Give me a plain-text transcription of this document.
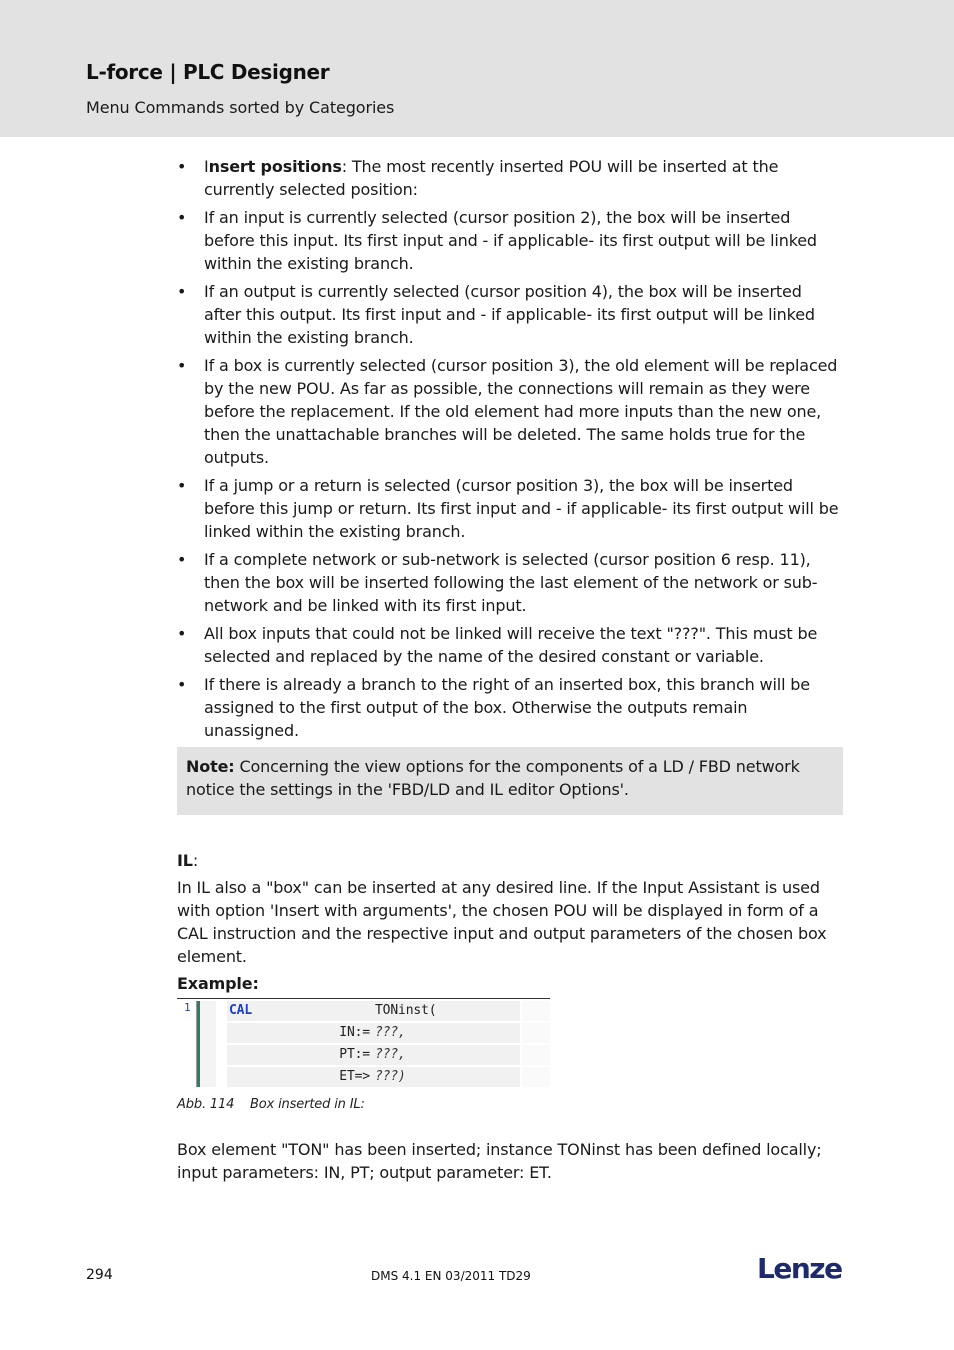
L-force | PLC Designer
Menu Commands sorted by Categories
• Insert positions: The most recently inserted POU will be inserted at the currently selected position:
• If an input is currently selected (cursor position 2), the box will be inserted before this input. Its first input and - if applicable- its first output will be linked within the existing branch.
• If an output is currently selected (cursor position 4), the box will be inserted after this output. Its first input and - if applicable- its first output will be linked within the existing branch.
• If a box is currently selected (cursor position 3), the old element will be replaced by the new POU. As far as possible, the connections will remain as they were before the replacement. If the old element had more inputs than the new one, then the unattachable branches will be deleted. The same holds true for the outputs.
• If a jump or a return is selected (cursor position 3), the box will be inserted before this jump or return. Its first input and - if applicable- its first output will be linked within the existing branch.
• If a complete network or sub-network is selected (cursor position 6 resp. 11), then the box will be inserted following the last element of the network or sub-network and be linked with its first input.
• All box inputs that could not be linked will receive the text "???". This must be selected and replaced by the name of the desired constant or variable.
• If there is already a branch to the right of an inserted box, this branch will be assigned to the first output of the box. Otherwise the outputs remain unassigned.
Note: Concerning the view options for the components of a LD / FBD network notice the settings in the 'FBD/LD and IL editor Options'.
IL:
In IL also a "box" can be inserted at any desired line. If the Input Assistant is used with option 'Insert with arguments', the chosen POU will be displayed in form of a CAL instruction and the respective input and output parameters of the chosen box element.
Example:
1	CAL	TONinst(
IN:= ???,
PT:= ???,
ET=> ???)
Abb. 114 Box inserted in IL:
Box element "TON" has been inserted; instance TONinst has been defined locally; input parameters: IN, PT; output parameter: ET.
294	DMS 4.1 EN 03/2011 TD29	Lenze
